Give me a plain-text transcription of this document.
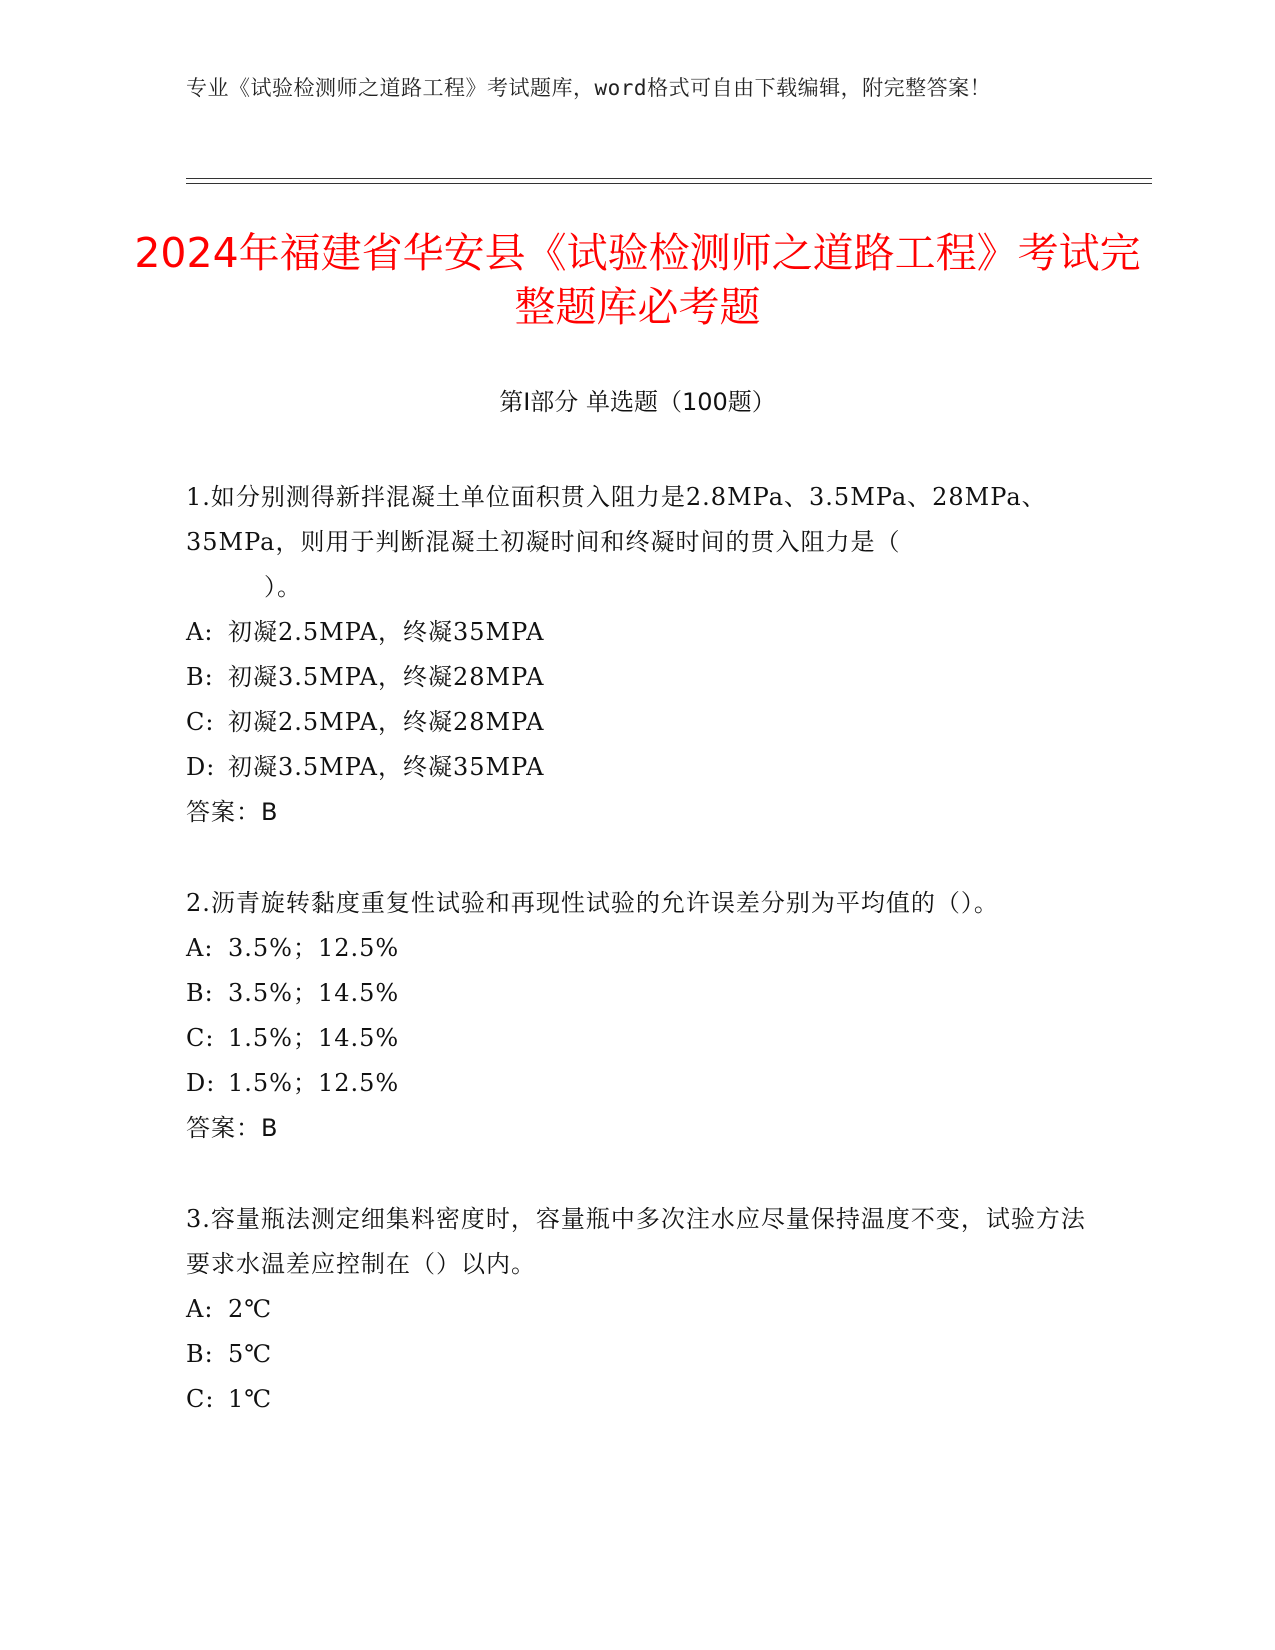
专业《试验检测师之道路工程》考试题库，word格式可自由下载编辑，附完整答案！
2024年福建省华安县《试验检测师之道路工程》考试完整题库必考题
第Ⅰ部分 单选题（100题）

1.如分别测得新拌混凝土单位面积贯入阻力是2.8MPa、3.5MPa、28MPa、35MPa，则用于判断混凝土初凝时间和终凝时间的贯入阻力是（
）。

A: 初凝2.5MPA，终凝35MPA
B: 初凝3.5MPA，终凝28MPA
C: 初凝2.5MPA，终凝28MPA
D: 初凝3.5MPA，终凝35MPA
答案：B

2.沥青旋转黏度重复性试验和再现性试验的允许误差分别为平均值的（）。

A: 3.5%；12.5%
B: 3.5%；14.5%
C: 1.5%；14.5%
D: 1.5%；12.5%
答案：B

3.容量瓶法测定细集料密度时，容量瓶中多次注水应尽量保持温度不变，试验方法要求水温差应控制在（）以内。

A: 2℃
B: 5℃
C: 1℃
